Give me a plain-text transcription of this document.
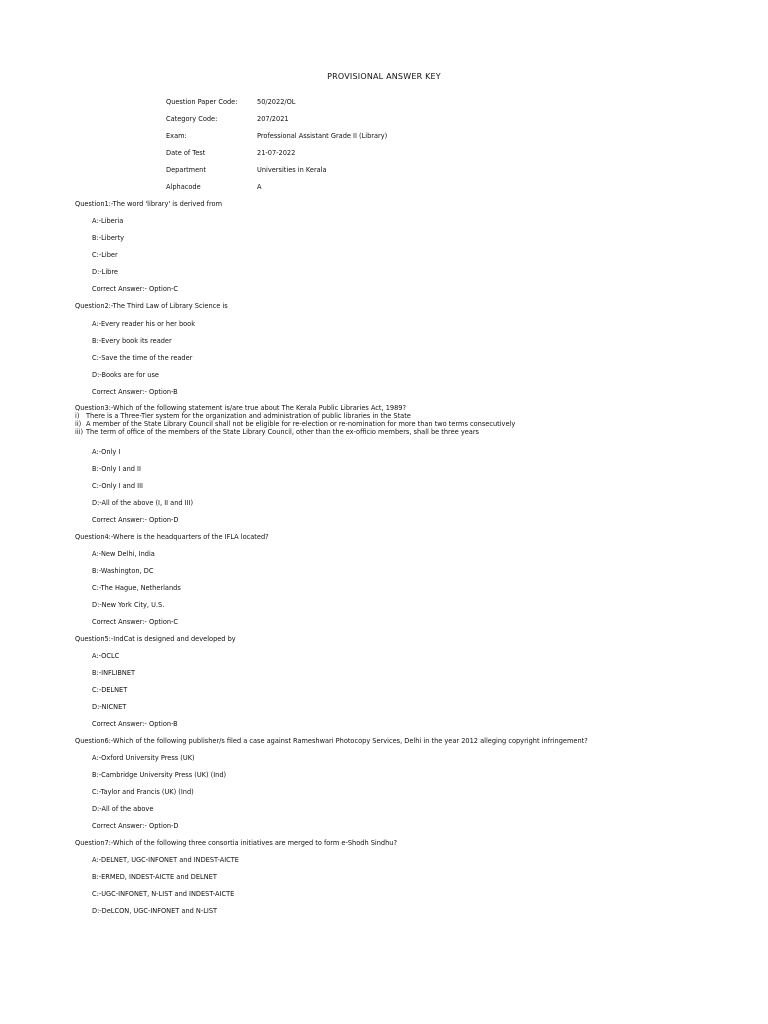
PROVISIONAL ANSWER KEY
Question Paper Code:	50/2022/OL
Category Code:	207/2021
Exam:	Professional Assistant Grade II (Library)
Date of Test	21-07-2022
Department	Universities in Kerala
Alphacode	A
Question1:-The word 'library' is derived from
A:-Liberia
B:-Liberty
C:-Liber
D:-Libre
Correct Answer:- Option-C
Question2:-The Third Law of Library Science is
A:-Every reader his or her book
B:-Every book its reader
C:-Save the time of the reader
D:-Books are for use
Correct Answer:- Option-B
Question3:-Which of the following statement is/are true about The Kerala Public Libraries Act, 1989?
i) There is a Three-Tier system for the organization and administration of public libraries in the State
ii) A member of the State Library Council shall not be eligible for re-election or re-nomination for more than two terms consecutively
iii) The term of office of the members of the State Library Council, other than the ex-officio members, shall be three years
A:-Only I
B:-Only I and II
C:-Only I and III
D:-All of the above (I, II and III)
Correct Answer:- Option-D
Question4:-Where is the headquarters of the IFLA located?
A:-New Delhi, India
B:-Washington, DC
C:-The Hague, Netherlands
D:-New York City, U.S.
Correct Answer:- Option-C
Question5:-IndCat is designed and developed by
A:-OCLC
B:-INFLIBNET
C:-DELNET
D:-NICNET
Correct Answer:- Option-B
Question6:-Which of the following publisher/s filed a case against Rameshwari Photocopy Services, Delhi in the year 2012 alleging copyright infringement?
A:-Oxford University Press (UK)
B:-Cambridge University Press (UK) (Ind)
C:-Taylor and Francis (UK) (Ind)
D:-All of the above
Correct Answer:- Option-D
Question7:-Which of the following three consortia initiatives are merged to form e-Shodh Sindhu?
A:-DELNET, UGC-INFONET and INDEST-AICTE
B:-ERMED, INDEST-AICTE and DELNET
C:-UGC-INFONET, N-LIST and INDEST-AICTE
D:-DeLCON, UGC-INFONET and N-LIST
